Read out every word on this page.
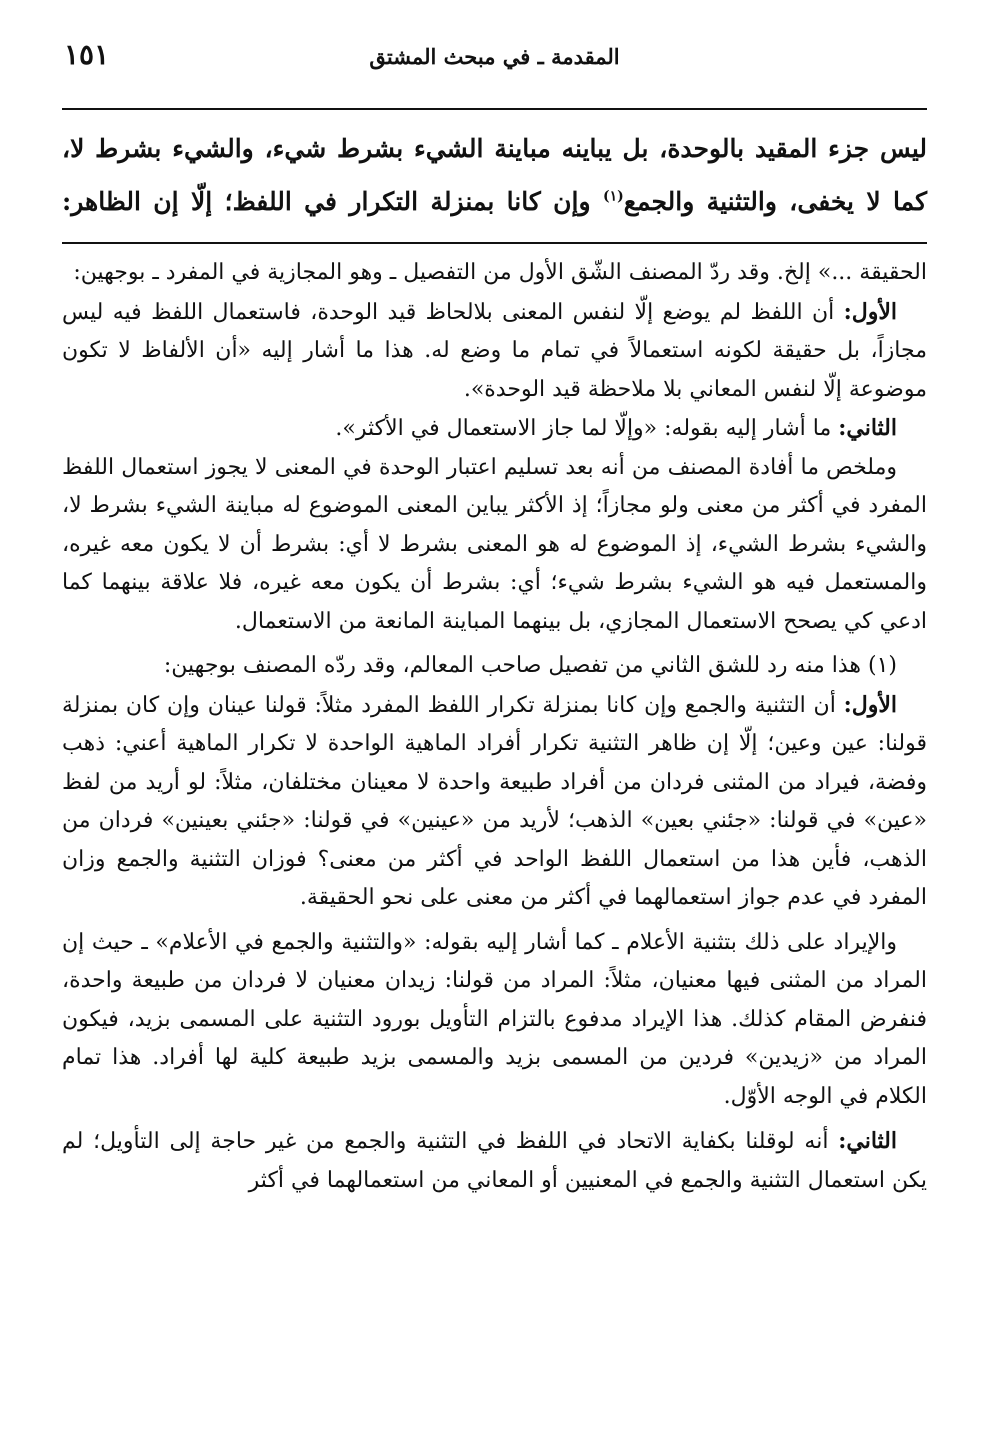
المقدمة ـ في مبحث المشتق
١٥١

ليس جزء المقيد بالوحدة، بل يباينه مباينة الشيء بشرط شيء، والشيء بشرط لا، كما لا يخفى، والتثنية والجمع$^{(١)}$ وإن كانا بمنزلة التكرار في اللفظ؛ إلّا إن الظاهر:

الحقيقة ...» إلخ. وقد ردّ المصنف الشّق الأول من التفصيل ـ وهو المجازية في المفرد ـ بوجهين:

الأول: أن اللفظ لم يوضع إلّا لنفس المعنى بلالحاظ قيد الوحدة، فاستعمال اللفظ فيه ليس مجازاً، بل حقيقة لكونه استعمالاً في تمام ما وضع له. هذا ما أشار إليه «أن الألفاظ لا تكون موضوعة إلّا لنفس المعاني بلا ملاحظة قيد الوحدة».

الثاني: ما أشار إليه بقوله: «وإلّا لما جاز الاستعمال في الأكثر».

وملخص ما أفادة المصنف من أنه بعد تسليم اعتبار الوحدة في المعنى لا يجوز استعمال اللفظ المفرد في أكثر من معنى ولو مجازاً؛ إذ الأكثر يباين المعنى الموضوع له مباينة الشيء بشرط لا، والشيء بشرط الشيء، إذ الموضوع له هو المعنى بشرط لا أي: بشرط أن لا يكون معه غيره، والمستعمل فيه هو الشيء بشرط شيء؛ أي: بشرط أن يكون معه غيره، فلا علاقة بينهما كما ادعي كي يصحح الاستعمال المجازي، بل بينهما المباينة المانعة من الاستعمال.

(١) هذا منه رد للشق الثاني من تفصيل صاحب المعالم، وقد ردّه المصنف بوجهين:

الأول: أن التثنية والجمع وإن كانا بمنزلة تكرار اللفظ المفرد مثلاً: قولنا عينان وإن كان بمنزلة قولنا: عين وعين؛ إلّا إن ظاهر التثنية تكرار أفراد الماهية الواحدة لا تكرار الماهية أعني: ذهب وفضة، فيراد من المثنى فردان من أفراد طبيعة واحدة لا معينان مختلفان، مثلاً: لو أريد من لفظ «عين» في قولنا: «جئني بعين» الذهب؛ لأريد من «عينين» في قولنا: «جئني بعينين» فردان من الذهب، فأين هذا من استعمال اللفظ الواحد في أكثر من معنى؟ فوزان التثنية والجمع وزان المفرد في عدم جواز استعمالهما في أكثر من معنى على نحو الحقيقة.

والإيراد على ذلك بتثنية الأعلام ـ كما أشار إليه بقوله: «والتثنية والجمع في الأعلام» ـ حيث إن المراد من المثنى فيها معنيان، مثلاً: المراد من قولنا: زيدان معنيان لا فردان من طبيعة واحدة، فنفرض المقام كذلك. هذا الإيراد مدفوع بالتزام التأويل بورود التثنية على المسمى بزيد، فيكون المراد من «زيدين» فردين من المسمى بزيد والمسمى بزيد طبيعة كلية لها أفراد. هذا تمام الكلام في الوجه الأوّل.

الثاني: أنه لوقلنا بكفاية الاتحاد في اللفظ في التثنية والجمع من غير حاجة إلى التأويل؛ لم يكن استعمال التثنية والجمع في المعنيين أو المعاني من استعمالهما في أكثر
